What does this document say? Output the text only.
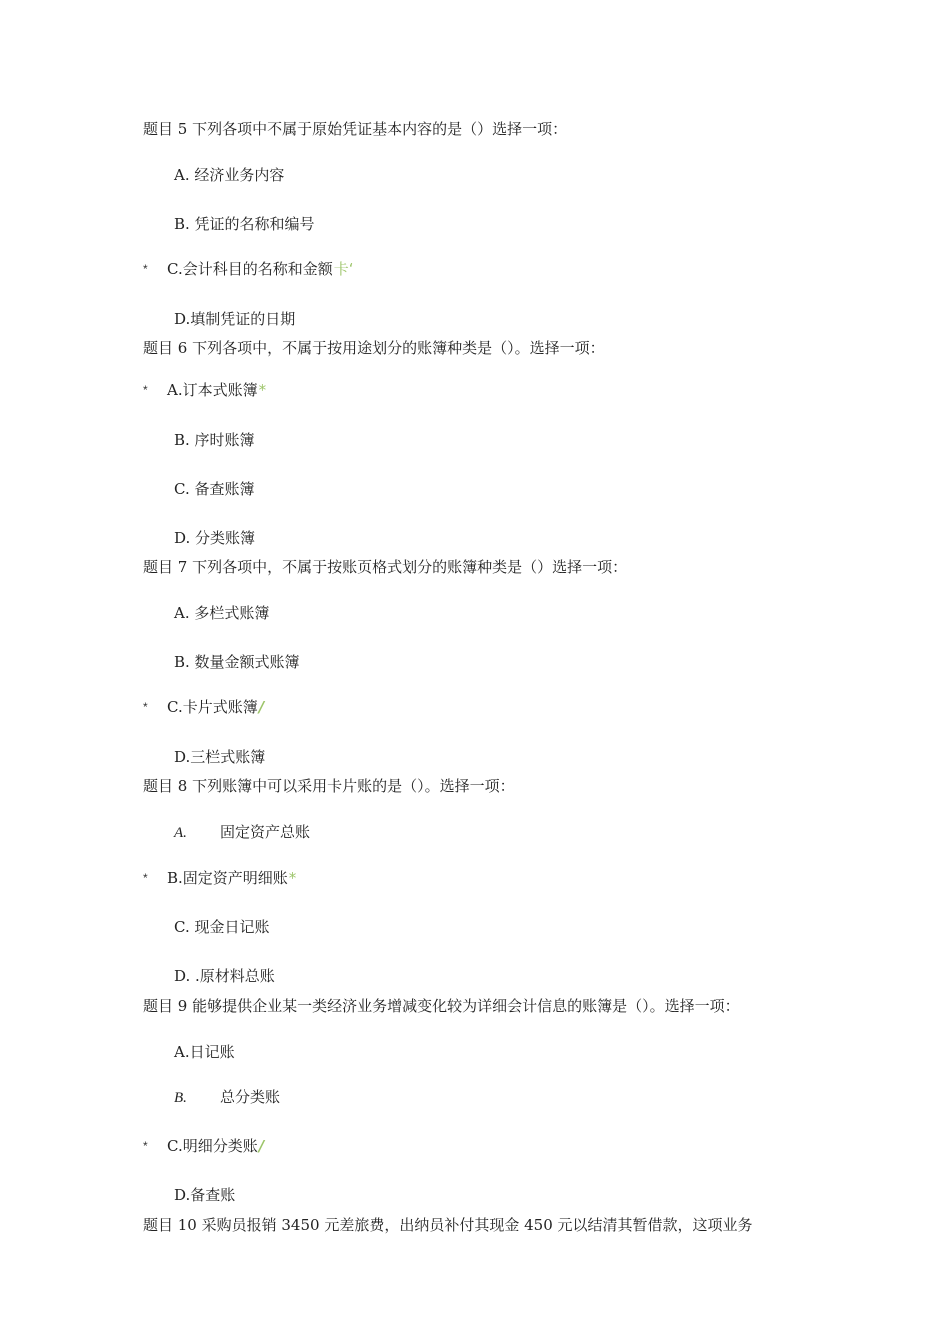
题目 5 下列各项中不属于原始凭证基本内容的是（）选择一项：
A. 经济业务内容
B. 凭证的名称和编号
* C.会计科目的名称和金额卡‘
D.填制凭证的日期
题目 6 下列各项中，不属于按用途划分的账簿种类是（）。选择一项：
* A.订本式账簿*
B. 序时账簿
C. 备查账簿
D. 分类账簿
题目 7 下列各项中，不属于按账页格式划分的账簿种类是（）选择一项：
A. 多栏式账簿
B. 数量金额式账簿
* C.卡片式账簿/
D.三栏式账簿
题目 8 下列账簿中可以采用卡片账的是（）。选择一项：
A. 固定资产总账
* B.固定资产明细账*
C. 现金日记账
D. .原材料总账
题目 9 能够提供企业某一类经济业务增减变化较为详细会计信息的账簿是（）。选择一项：
A.日记账
B. 总分类账
* C.明细分类账/
D.备查账
题目 10 采购员报销 3450 元差旅费，出纳员补付其现金 450 元以结清其暂借款，这项业务
